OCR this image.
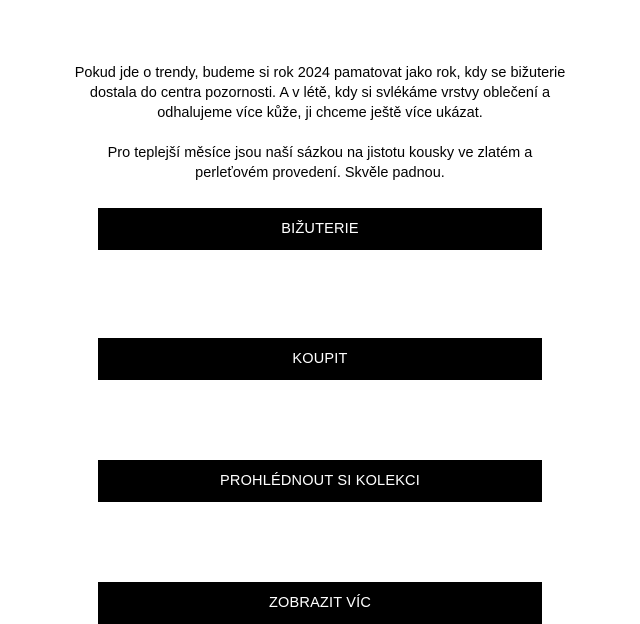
Pokud jde o trendy, budeme si rok 2024 pamatovat jako rok, kdy se bižuterie dostala do centra pozornosti. A v létě, kdy si svlékáme vrstvy oblečení a odhalujeme více kůže, ji chceme ještě více ukázat.

Pro teplejší měsíce jsou naší sázkou na jistotu kousky ve zlatém a perleťovém provedení. Skvěle padnou.

BIŽUTERIE
KOUPIT
PROHLÉDNOUT SI KOLEKCI
ZOBRAZIT VÍC
